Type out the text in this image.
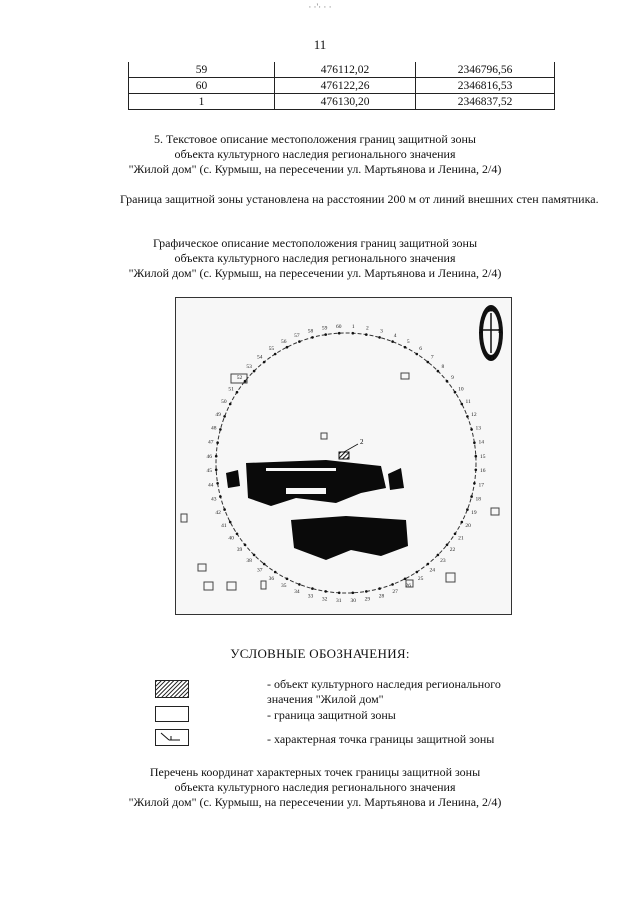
· ·'· · ·
11
59	476112,02	2346796,56
60	476122,26	2346816,53
1	476130,20	2346837,52
5. Текстовое описание местоположения границ защитной зоны
объекта культурного наследия регионального значения
"Жилой дом" (с. Курмыш, на пересечении ул. Мартьянова и Ленина, 2/4)
Граница защитной зоны установлена на расстоянии 200 м от линий внешних стен памятника.
Графическое описание местоположения границ защитной зоны
объекта культурного наследия регионального значения
"Жилой дом" (с. Курмыш, на пересечении ул. Мартьянова и Ленина, 2/4)
2
1 2 3
4
5
6
7
8
9
10
11
12
13
14
15
16
17
18
19
20
21
22
23
24
25
26
27
28
29
30
31
32
33
34
35
36
37
38
39
40
41
42
43
44
45
46
47
48
49
50
51
52
53
54
55
56
57
58 59 60
С
З	В
Ю
УСЛОВНЫЕ ОБОЗНАЧЕНИЯ:
- объект культурного наследия регионального
значения "Жилой дом"
- граница защитной зоны
- характерная точка границы защитной зоны
Перечень координат характерных точек границы защитной зоны
объекта культурного наследия регионального значения
"Жилой дом" (с. Курмыш, на пересечении ул. Мартьянова и Ленина, 2/4)
